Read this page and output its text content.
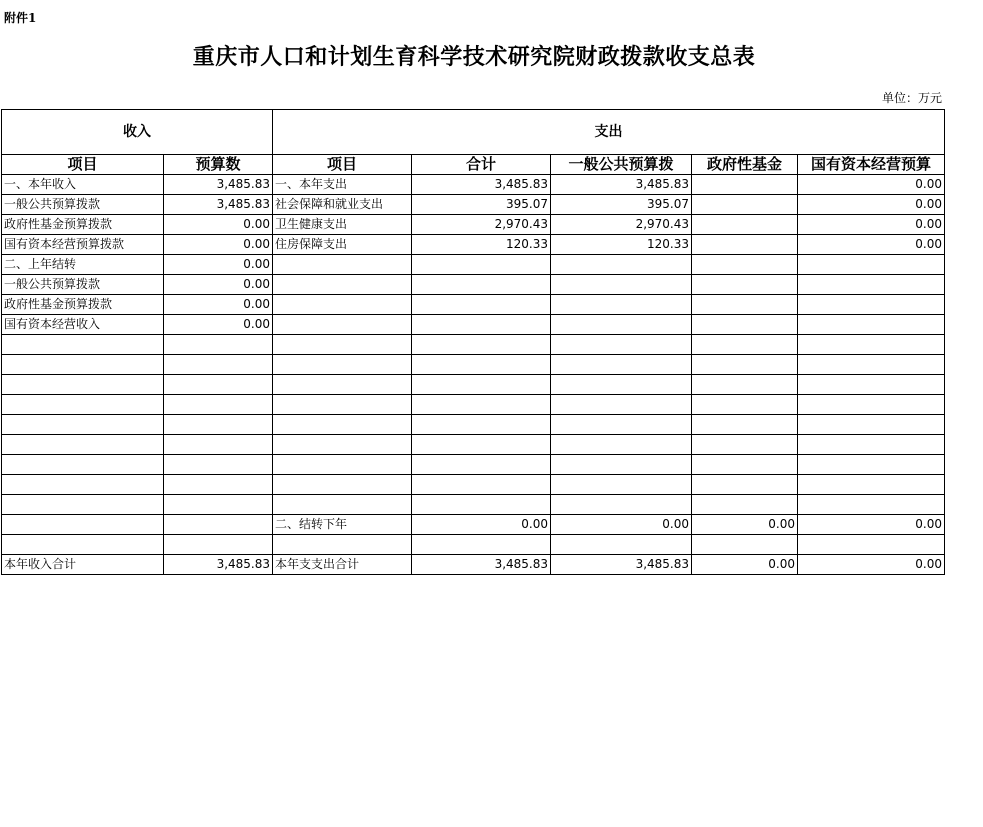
附件1
重庆市人口和计划生育科学技术研究院财政拨款收支总表
单位：万元
收入		支出				
项目	预算数	项目	合计	一般公共预算拨	政府性基金	国有资本经营预算
一、本年收入	3,485.83	一、本年支出	3,485.83	3,485.83		0.00
一般公共预算拨款	3,485.83	社会保障和就业支出	395.07	395.07		0.00
政府性基金预算拨款	0.00	卫生健康支出	2,970.43	2,970.43		0.00
国有资本经营预算拨款	0.00	住房保障支出	120.33	120.33		0.00
二、上年结转	0.00					
一般公共预算拨款	0.00					
政府性基金预算拨款	0.00					
国有资本经营收入	0.00					

		二、结转下年	0.00	0.00	0.00	0.00

本年收入合计	3,485.83	本年支支出合计	3,485.83	3,485.83	0.00	0.00
